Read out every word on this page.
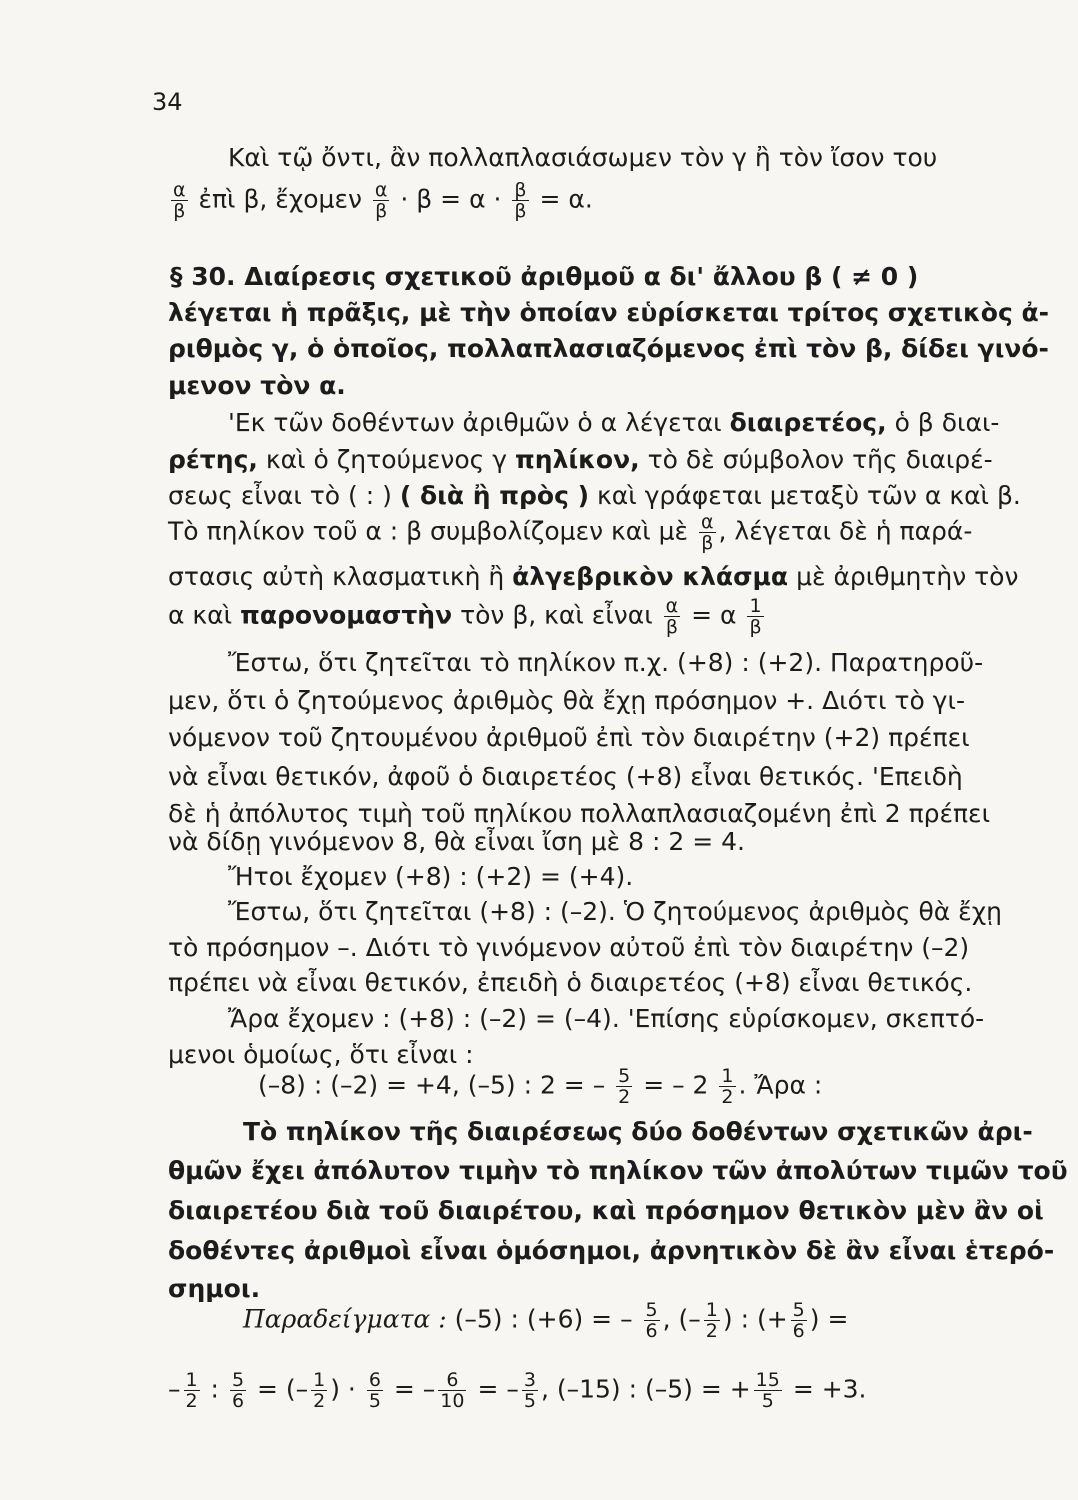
34
Καὶ τῷ ὄντι, ἂν πολλαπλασιάσωμεν τὸν γ ἢ τὸν ἴσον του
$\frac{\alpha}{\beta}$ ἐπὶ β, ἔχομεν $\frac{\alpha}{\beta} \cdot \beta = \alpha \cdot \frac{\beta}{\beta} = \alpha$.
§ 30. Διαίρεσις σχετικοῦ ἀριθμοῦ α δι' ἄλλου β ( ≠ 0 )
λέγεται ἡ πρᾶξις, μὲ τὴν ὁποίαν εὑρίσκεται τρίτος σχετικὸς ἀ-
ριθμὸς γ, ὁ ὁποῖος, πολλαπλασιαζόμενος ἐπὶ τὸν β, δίδει γινό-
μενον τὸν α.
'Εκ τῶν δοθέντων ἀριθμῶν ὁ α λέγεται διαιρετέος, ὁ β διαι-
ρέτης, καὶ ὁ ζητούμενος γ πηλίκον, τὸ δὲ σύμβολον τῆς διαιρέ-
σεως εἶναι τὸ ( : ) ( διὰ ἢ πρὸς ) καὶ γράφεται μεταξὺ τῶν α καὶ β.
Τὸ πηλίκον τοῦ α : β συμβολίζομεν καὶ μὲ $\frac{\alpha}{\beta}$ , λέγεται δὲ ἡ παρά-
στασις αὐτὴ κλασματικὴ ἢ ἀλγεβρικὸν κλάσμα μὲ ἀριθμητὴν τὸν
α καὶ παρονομαστὴν τὸν β, καὶ εἶναι $\frac{\alpha}{\beta} = \alpha \frac{1}{\beta}$
Ἔστω, ὅτι ζητεῖται τὸ πηλίκον π.χ. (+8) : (+2). Παρατηροῦ-
μεν, ὅτι ὁ ζητούμενος ἀριθμὸς θὰ ἔχῃ πρόσημον +. Διότι τὸ γι-
νόμενον τοῦ ζητουμένου ἀριθμοῦ ἐπὶ τὸν διαιρέτην (+2) πρέπει
νὰ εἶναι θετικόν, ἀφοῦ ὁ διαιρετέος (+8) εἶναι θετικός. 'Επειδὴ
δὲ ἡ ἀπόλυτος τιμὴ τοῦ πηλίκου πολλαπλασιαζομένη ἐπὶ 2 πρέπει
νὰ δίδῃ γινόμενον 8, θὰ εἶναι ἴση μὲ 8 : 2 = 4.
Ἤτοι ἔχομεν (+8) : (+2) = (+4).
Ἔστω, ὅτι ζητεῖται (+8) : (–2). Ὁ ζητούμενος ἀριθμὸς θὰ ἔχῃ
τὸ πρόσημον –. Διότι τὸ γινόμενον αὐτοῦ ἐπὶ τὸν διαιρέτην (–2)
πρέπει νὰ εἶναι θετικόν, ἐπειδὴ ὁ διαιρετέος (+8) εἶναι θετικός.
Ἄρα ἔχομεν : (+8) : (–2) = (–4). 'Επίσης εὑρίσκομεν, σκεπτό-
μενοι ὁμοίως, ὅτι εἶναι :
(–8) : (–2) = +4, (–5) : 2 = – $\frac{5}{2}$ = – $2 \frac{1}{2}$ . Ἄρα :
Τὸ πηλίκον τῆς διαιρέσεως δύο δοθέντων σχετικῶν ἀρι-
θμῶν ἔχει ἀπόλυτον τιμὴν τὸ πηλίκον τῶν ἀπολύτων τιμῶν τοῦ
διαιρετέου διὰ τοῦ διαιρέτου, καὶ πρόσημον θετικὸν μὲν ἂν οἱ
δοθέντες ἀριθμοὶ εἶναι ὁμόσημοι, ἀρνητικὸν δὲ ἂν εἶναι ἑτερό-
σημοι.
Παραδείγματα : (–5) : (+6) = – $\frac{5}{6}$ , (– $\frac{1}{2}$ ) : (+ $\frac{5}{6}$ ) =
– $\frac{1}{2}$ : $\frac{5}{6}$ = (– $\frac{1}{2}$ ) · $\frac{6}{5}$ = – $\frac{6}{10}$ = – $\frac{3}{5}$ , (–15) : (–5) = + $\frac{15}{5} = +3$.
